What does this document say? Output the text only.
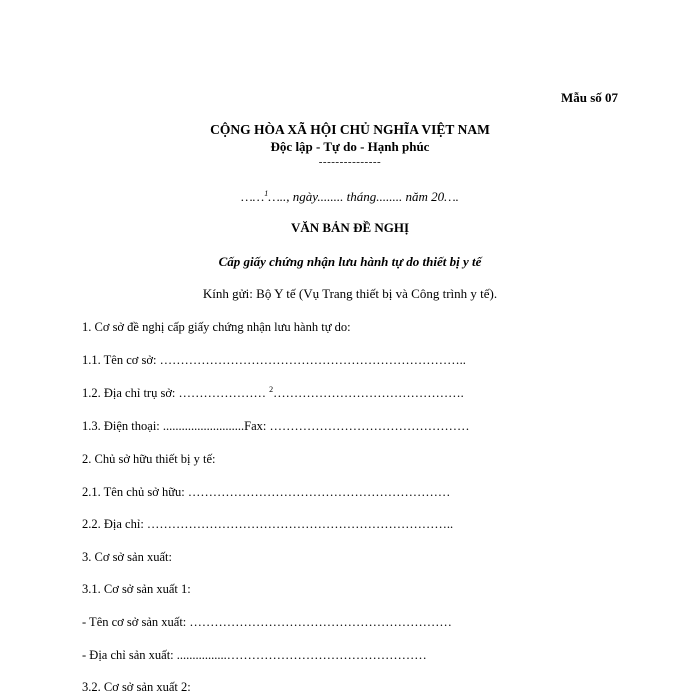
Mẫu số 07
CỘNG HÒA XÃ HỘI CHỦ NGHĨA VIỆT NAM
Độc lập - Tự do - Hạnh phúc
---------------
……$^1$….., ngày........ tháng........ năm 20….
VĂN BẢN ĐỀ NGHỊ
Cấp giấy chứng nhận lưu hành tự do thiết bị y tế
Kính gửi: Bộ Y tế (Vụ Trang thiết bị và Công trình y tế).
1. Cơ sở đề nghị cấp giấy chứng nhận lưu hành tự do:
1.1. Tên cơ sở: ………………………………………………………………..
1.2. Địa chỉ trụ sở: ………………… $^2$……………………………………….
1.3. Điện thoại: ..........................Fax: …………………………………………
2. Chủ sở hữu thiết bị y tế:
2.1. Tên chủ sở hữu: ………………………………………………………
2.2. Địa chỉ: ………………………………………………………………..
3. Cơ sở sản xuất:
3.1. Cơ sở sản xuất 1:
- Tên cơ sở sản xuất: ………………………………………………………
- Địa chỉ sản xuất: ................…………………………………………
3.2. Cơ sở sản xuất 2:
